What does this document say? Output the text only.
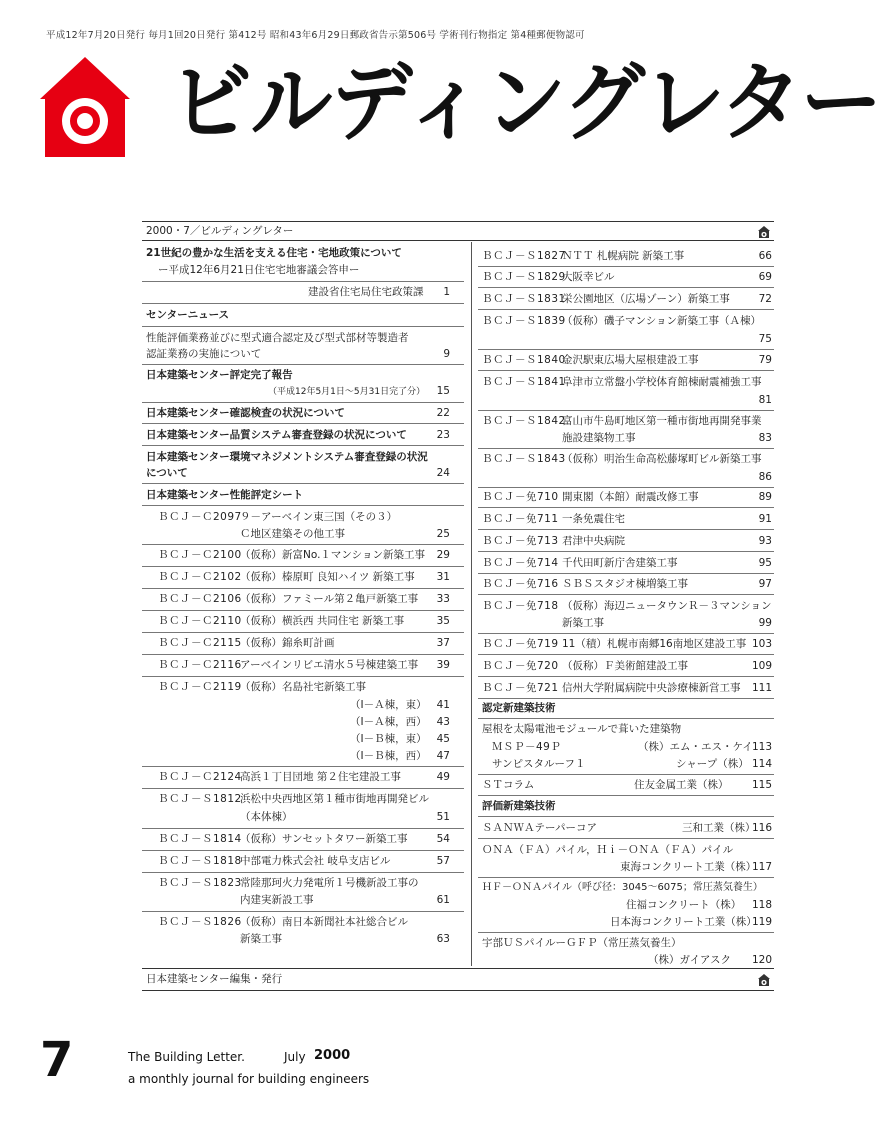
平成12年7月20日発行 毎月1回20日発行 第412号 昭和43年6月29日郵政省告示第506号 学術刊行物指定 第4種郵便物認可
ビルディングレター
2000・7／ビルディングレター
21世紀の豊かな生活を支える住宅・宅地政策について
ー平成12年6月21日住宅宅地審議会答申ー
建設省住宅局住宅政策課	1
センターニュース
性能評価業務並びに型式適合認定及び型式部材等製造者
認証業務の実施について	9
日本建築センター評定完了報告
（平成12年5月1日～5月31日完了分）	15
日本建築センター確認検査の状況について	22
日本建築センター品質システム審査登録の状況について	23
日本建築センター環境マネジメントシステム審査登録の状況
について	24
日本建築センター性能評定シート
ＢＣＪ－Ｃ2097
９－アーベイン東三国（その３）
Ｃ地区建築その他工事	25
ＢＣＪ－Ｃ2100
（仮称）新富No.１マンション新築工事	29
ＢＣＪ－Ｃ2102
（仮称）榛原町 良知ハイツ 新築工事	31
ＢＣＪ－Ｃ2106
（仮称）ファミール第２亀戸新築工事	33
ＢＣＪ－Ｃ2110
（仮称）横浜西 共同住宅 新築工事	35
ＢＣＪ－Ｃ2115
（仮称）錦糸町計画	37
ＢＣＪ－Ｃ2116
アーベインリビエ清水５号棟建築工事	39
ＢＣＪ－Ｃ2119
（仮称）名島社宅新築工事
（Ⅰ－Ａ棟，東） 41
（Ⅰ－Ａ棟，西） 43
（Ⅰ－Ｂ棟，東） 45
（Ⅰ－Ｂ棟，西） 47
ＢＣＪ－Ｃ2124
高浜１丁目団地 第２住宅建設工事	49
ＢＣＪ－Ｓ1812
浜松中央西地区第１種市街地再開発ビル
（本体棟）	51
ＢＣＪ－Ｓ1814
（仮称）サンセットタワー新築工事	54
ＢＣＪ－Ｓ1818
中部電力株式会社 岐阜支店ビル	57
ＢＣＪ－Ｓ1823
常陸那珂火力発電所１号機新設工事の
内建実新設工事	61
ＢＣＪ－Ｓ1826
（仮称）南日本新聞社本社総合ビル
新築工事	63
ＢＣＪ－Ｓ1827
ＮＴＴ 札幌病院 新築工事	66
ＢＣＪ－Ｓ1829
大阪幸ビル	69
ＢＣＪ－Ｓ1831
栄公園地区（広場ゾーン）新築工事	72
ＢＣＪ－Ｓ1839
（仮称）磯子マンション新築工事（Ａ棟）
75
ＢＣＪ－Ｓ1840
金沢駅東広場大屋根建設工事	79
ＢＣＪ－Ｓ1841
阜津市立常盤小学校体育館棟耐震補強工事
81
ＢＣＪ－Ｓ1842
富山市牛島町地区第一種市街地再開発事業
施設建築物工事	83
ＢＣＪ－Ｓ1843
（仮称）明治生命高松藤塚町ビル新築工事
86
ＢＣＪ－免710 開東閣（本館）耐震改修工事	89
ＢＣＪ－免711 一条免震住宅	91
ＢＣＪ－免713 君津中央病院	93
ＢＣＪ－免714 千代田町新庁舎建築工事	95
ＢＣＪ－免716 ＳＢＳスタジオ棟増築工事	97
ＢＣＪ－免718 （仮称）海辺ニュータウンＲ－３マンション
新築工事	99
ＢＣＪ－免719 11（積）札幌市南郷16南地区建設工事 103
ＢＣＪ－免720 （仮称）Ｆ美術館建設工事	109
ＢＣＪ－免721 信州大学附属病院中央診療棟新営工事	111
認定新建築技術
屋根を太陽電池モジュールで葺いた建築物
ＭＳＰ－49Ｐ	（株）エム・エス・ケイ 113
サンピスタルーフ１	シャープ（株） 114
ＳＴコラム	住友金属工業（株）	115
評価新建築技術
ＳＡＮＷＡテーパーコア	三和工業（株）
116
ＯＮＡ（ＦＡ）パイル，Ｈｉ－ＯＮＡ（ＦＡ）パイル
東海コンクリート工業（株）
117
ＨＦ－ＯＮＡパイル（呼び径：3045～6075；常圧蒸気養生）
住福コンクリート（株）	118
日本海コンクリート工業（株）
119
宇部ＵＳパイルーＧＦＰ（常圧蒸気養生）
（株）ガイアスク	120
日本建築センター編集・発行
7	The Building Letter.	July 2000
a monthly journal for building engineers
